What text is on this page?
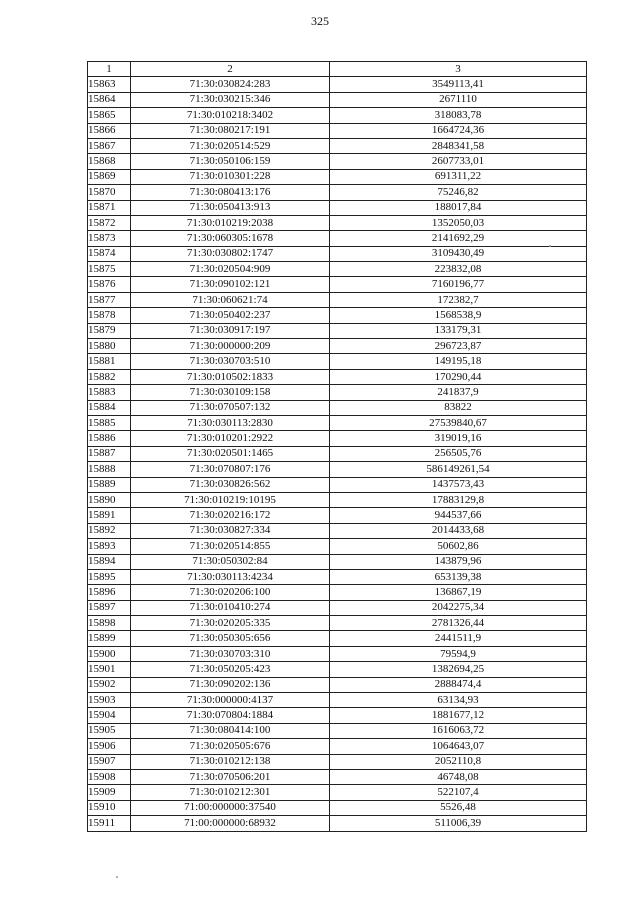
325
1	2	3
15863	71:30:030824:283	3549113,41
15864	71:30:030215:346	2671110
15865	71:30:010218:3402	318083,78
15866	71:30:080217:191	1664724,36
15867	71:30:020514:529	2848341,58
15868	71:30:050106:159	2607733,01
15869	71:30:010301:228	691311,22
15870	71:30:080413:176	75246,82
15871	71:30:050413:913	188017,84
15872	71:30:010219:2038	1352050,03
15873	71:30:060305:1678	2141692,29
15874	71:30:030802:1747	3109430,49
15875	71:30:020504:909	223832,08
15876	71:30:090102:121	7160196,77
15877	71:30:060621:74	172382,7
15878	71:30:050402:237	1568538,9
15879	71:30:030917:197	133179,31
15880	71:30:000000:209	296723,87
15881	71:30:030703:510	149195,18
15882	71:30:010502:1833	170290,44
15883	71:30:030109:158	241837,9
15884	71:30:070507:132	83822
15885	71:30:030113:2830	27539840,67
15886	71:30:010201:2922	319019,16
15887	71:30:020501:1465	256505,76
15888	71:30:070807:176	586149261,54
15889	71:30:030826:562	1437573,43
15890	71:30:010219:10195	17883129,8
15891	71:30:020216:172	944537,66
15892	71:30:030827:334	2014433,68
15893	71:30:020514:855	50602,86
15894	71:30:050302:84	143879,96
15895	71:30:030113:4234	653139,38
15896	71:30:020206:100	136867,19
15897	71:30:010410:274	2042275,34
15898	71:30:020205:335	2781326,44
15899	71:30:050305:656	2441511,9
15900	71:30:030703:310	79594,9
15901	71:30:050205:423	1382694,25
15902	71:30:090202:136	2888474,4
15903	71:30:000000:4137	63134,93
15904	71:30:070804:1884	1881677,12
15905	71:30:080414:100	1616063,72
15906	71:30:020505:676	1064643,07
15907	71:30:010212:138	2052110,8
15908	71:30:070506:201	46748,08
15909	71:30:010212:301	522107,4
15910	71:00:000000:37540	5526,48
15911	71:00:000000:68932	511006,39
